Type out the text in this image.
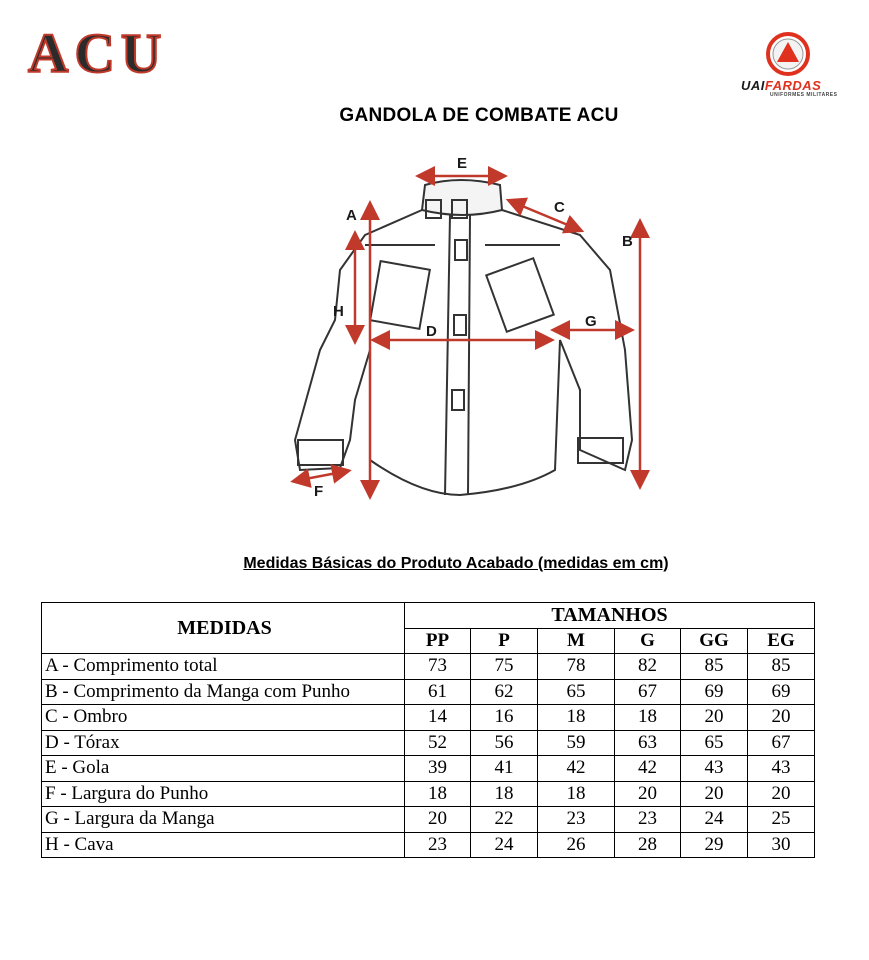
ACU
UAIFARDAS
UNIFORMES MILITARES
GANDOLA DE COMBATE ACU
E
A	C
B
H
D
G
F
Medidas Básicas do Produto Acabado (medidas em cm)
MEDIDAS	TAMANHOS					
	PP	P	M	G	GG	EG
A - Comprimento total	73	75	78	82	85	85
B - Comprimento da Manga com Punho	61	62	65	67	69	69
C - Ombro	14	16	18	18	20	20
D - Tórax	52	56	59	63	65	67
E - Gola	39	41	42	42	43	43
F - Largura do Punho	18	18	18	20	20	20
G - Largura da Manga	20	22	23	23	24	25
H - Cava	23	24	26	28	29	30
